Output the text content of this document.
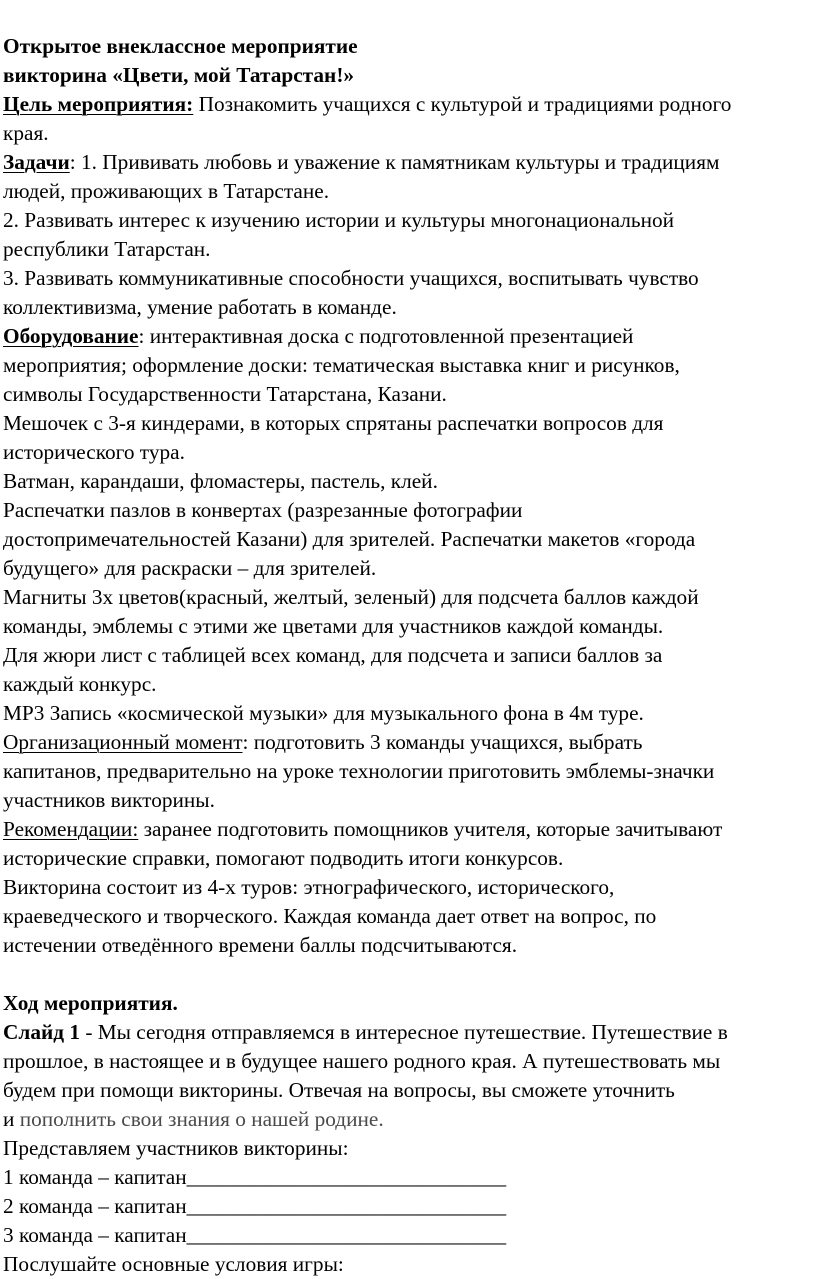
Открытое внеклассное мероприятие
викторина «Цвети, мой Татарстан!»
Цель мероприятия: Познакомить учащихся с культурой и традициями родного
края.
Задачи: 1. Прививать любовь и уважение к памятникам культуры и традициям
людей, проживающих в Татарстане.
2. Развивать интерес к изучению истории и культуры многонациональной
республики Татарстан.
3. Развивать коммуникативные способности учащихся, воспитывать чувство
коллективизма, умение работать в команде.
Оборудование: интерактивная доска с подготовленной презентацией
мероприятия; оформление доски: тематическая выставка книг и рисунков,
символы Государственности Татарстана, Казани.
Мешочек с 3-я киндерами, в которых спрятаны распечатки вопросов для
исторического тура.
Ватман, карандаши, фломастеры, пастель, клей.
Распечатки пазлов в конвертах (разрезанные фотографии
достопримечательностей Казани) для зрителей. Распечатки макетов «города
будущего» для раскраски – для зрителей.
Магниты 3х цветов(красный, желтый, зеленый) для подсчета баллов каждой
команды, эмблемы с этими же цветами для участников каждой команды.
Для жюри лист с таблицей всех команд, для подсчета и записи баллов за
каждый конкурс.
МР3 Запись «космической музыки» для музыкального фона в 4м туре.
Организационный момент: подготовить 3 команды учащихся, выбрать
капитанов, предварительно на уроке технологии приготовить эмблемы-значки
участников викторины.
Рекомендации: заранее подготовить помощников учителя, которые зачитывают
исторические справки, помогают подводить итоги конкурсов.
Викторина состоит из 4-х туров: этнографического, исторического,
краеведческого и творческого. Каждая команда дает ответ на вопрос, по
истечении отведённого времени баллы подсчитываются.
Ход мероприятия.
Слайд 1 - Мы сегодня отправляемся в интересное путешествие. Путешествие в
прошлое, в настоящее и в будущее нашего родного края. А путешествовать мы
будем при помощи викторины. Отвечая на вопросы, вы сможете уточнить
и пополнить свои знания о нашей родине.
Представляем участников викторины:
1 команда – капитан______________________________
2 команда – капитан______________________________
3 команда – капитан______________________________
Послушайте основные условия игры:
